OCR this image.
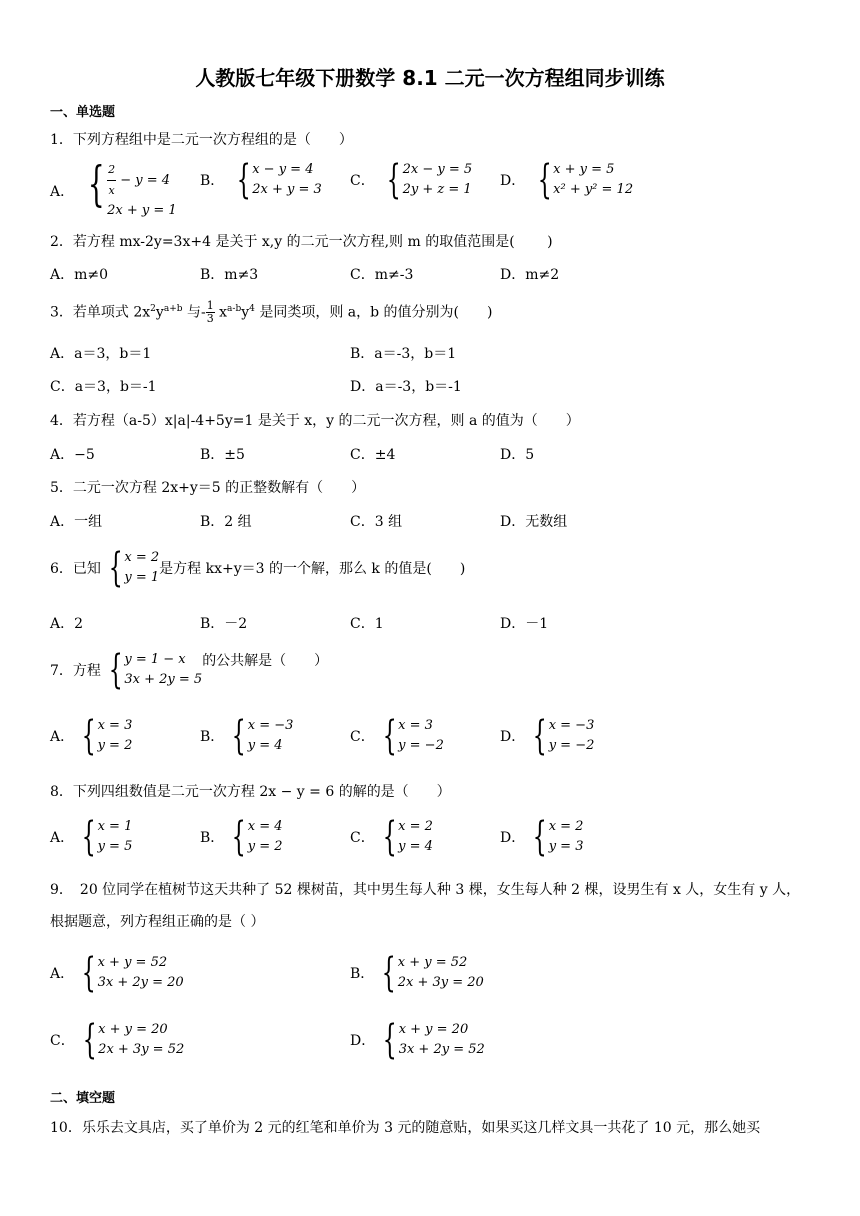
人教版七年级下册数学 8.1 二元一次方程组同步训练
一、单选题
1．下列方程组中是二元一次方程组的是（　　）
A． { $\frac{2}{x} - y = 4$
2x + y = 1
B． { x − y = 4
2x + y = 3
C． { 2x − y = 5
2y + z = 1
D． { x + y = 5
x² + y² = 12
2．若方程 mx-2y=3x+4 是关于 x,y 的二元一次方程,则 m 的取值范围是(　　 )
A．m≠0	B．m≠3	C．m≠-3	D．m≠2
3．若单项式 $2x^2y^{a+b}$ 与- $\frac{1}{3} x^{a-b}y^4$ 是同类项，则 a，b 的值分别为(　　)
A．a＝3，b＝1	B．a＝-3，b＝1
C．a＝3，b＝-1	D．a＝-3，b＝-1
4．若方程（a-5）x|a|-4+5y=1 是关于 x，y 的二元一次方程，则 a 的值为（　　）
A．−5	B．±5	C．±4	D．5
5．二元一次方程 2x+y＝5 的正整数解有（　　）
A．一组	B．2 组	C．3 组	D．无数组
6．已知 { x = 2
y = 1
是方程 kx+y＝3 的一个解，那么 k 的值是(　　)
A．2	B．－2	C．1	D．－1
7．方程 { y = 1 − x
3x + 2y = 5
的公共解是（　　）
A． { x = 3
y = 2
B． { x = −3
y = 4
C． { x = 3
y = −2
D． { x = −3
y = −2
8．下列四组数值是二元一次方程 2x − y = 6 的解的是（　　）
A． { x = 1
y = 5
B． { x = 4
y = 2
C． { x = 2
y = 4
D． { x = 2
y = 3
9．　20 位同学在植树节这天共种了 52 棵树苗，其中男生每人种 3 棵，女生每人种 2 棵，设男生有 x 人，女生有 y 人，根据题意，列方程组正确的是（ ）
A． { x + y = 52
3x + 2y = 20
B． { x + y = 52
2x + 3y = 20
C． { x + y = 20
2x + 3y = 52
D． { x + y = 20
3x + 2y = 52
二、填空题
10．乐乐去文具店，买了单价为 2 元的红笔和单价为 3 元的随意贴，如果买这几样文具一共花了 10 元，那么她买
